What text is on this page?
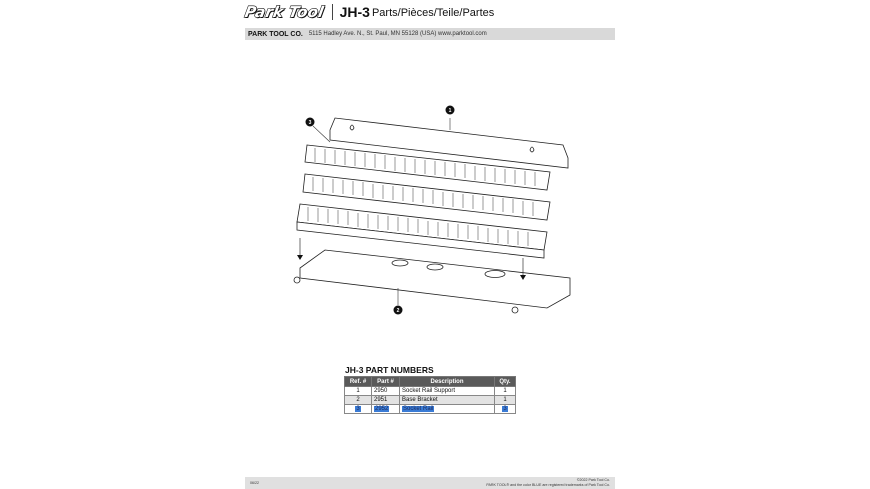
Park Tool JH-3 Parts/Pièces/Teile/Partes
PARK TOOL CO. 5115 Hadley Ave. N., St. Paul, MN 55128 (USA) www.parktool.com
1
2
3
JH-3 PART NUMBERS
Ref. #	Part #	Description	Qty.
1	2950	Socket Rail Support	1
2	2951	Base Bracket	1
3	2952	Socket Rail	3
06/22
©2022 Park Tool Co.
PARK TOOL® and the color BLUE are registered trademarks of Park Tool Co.
